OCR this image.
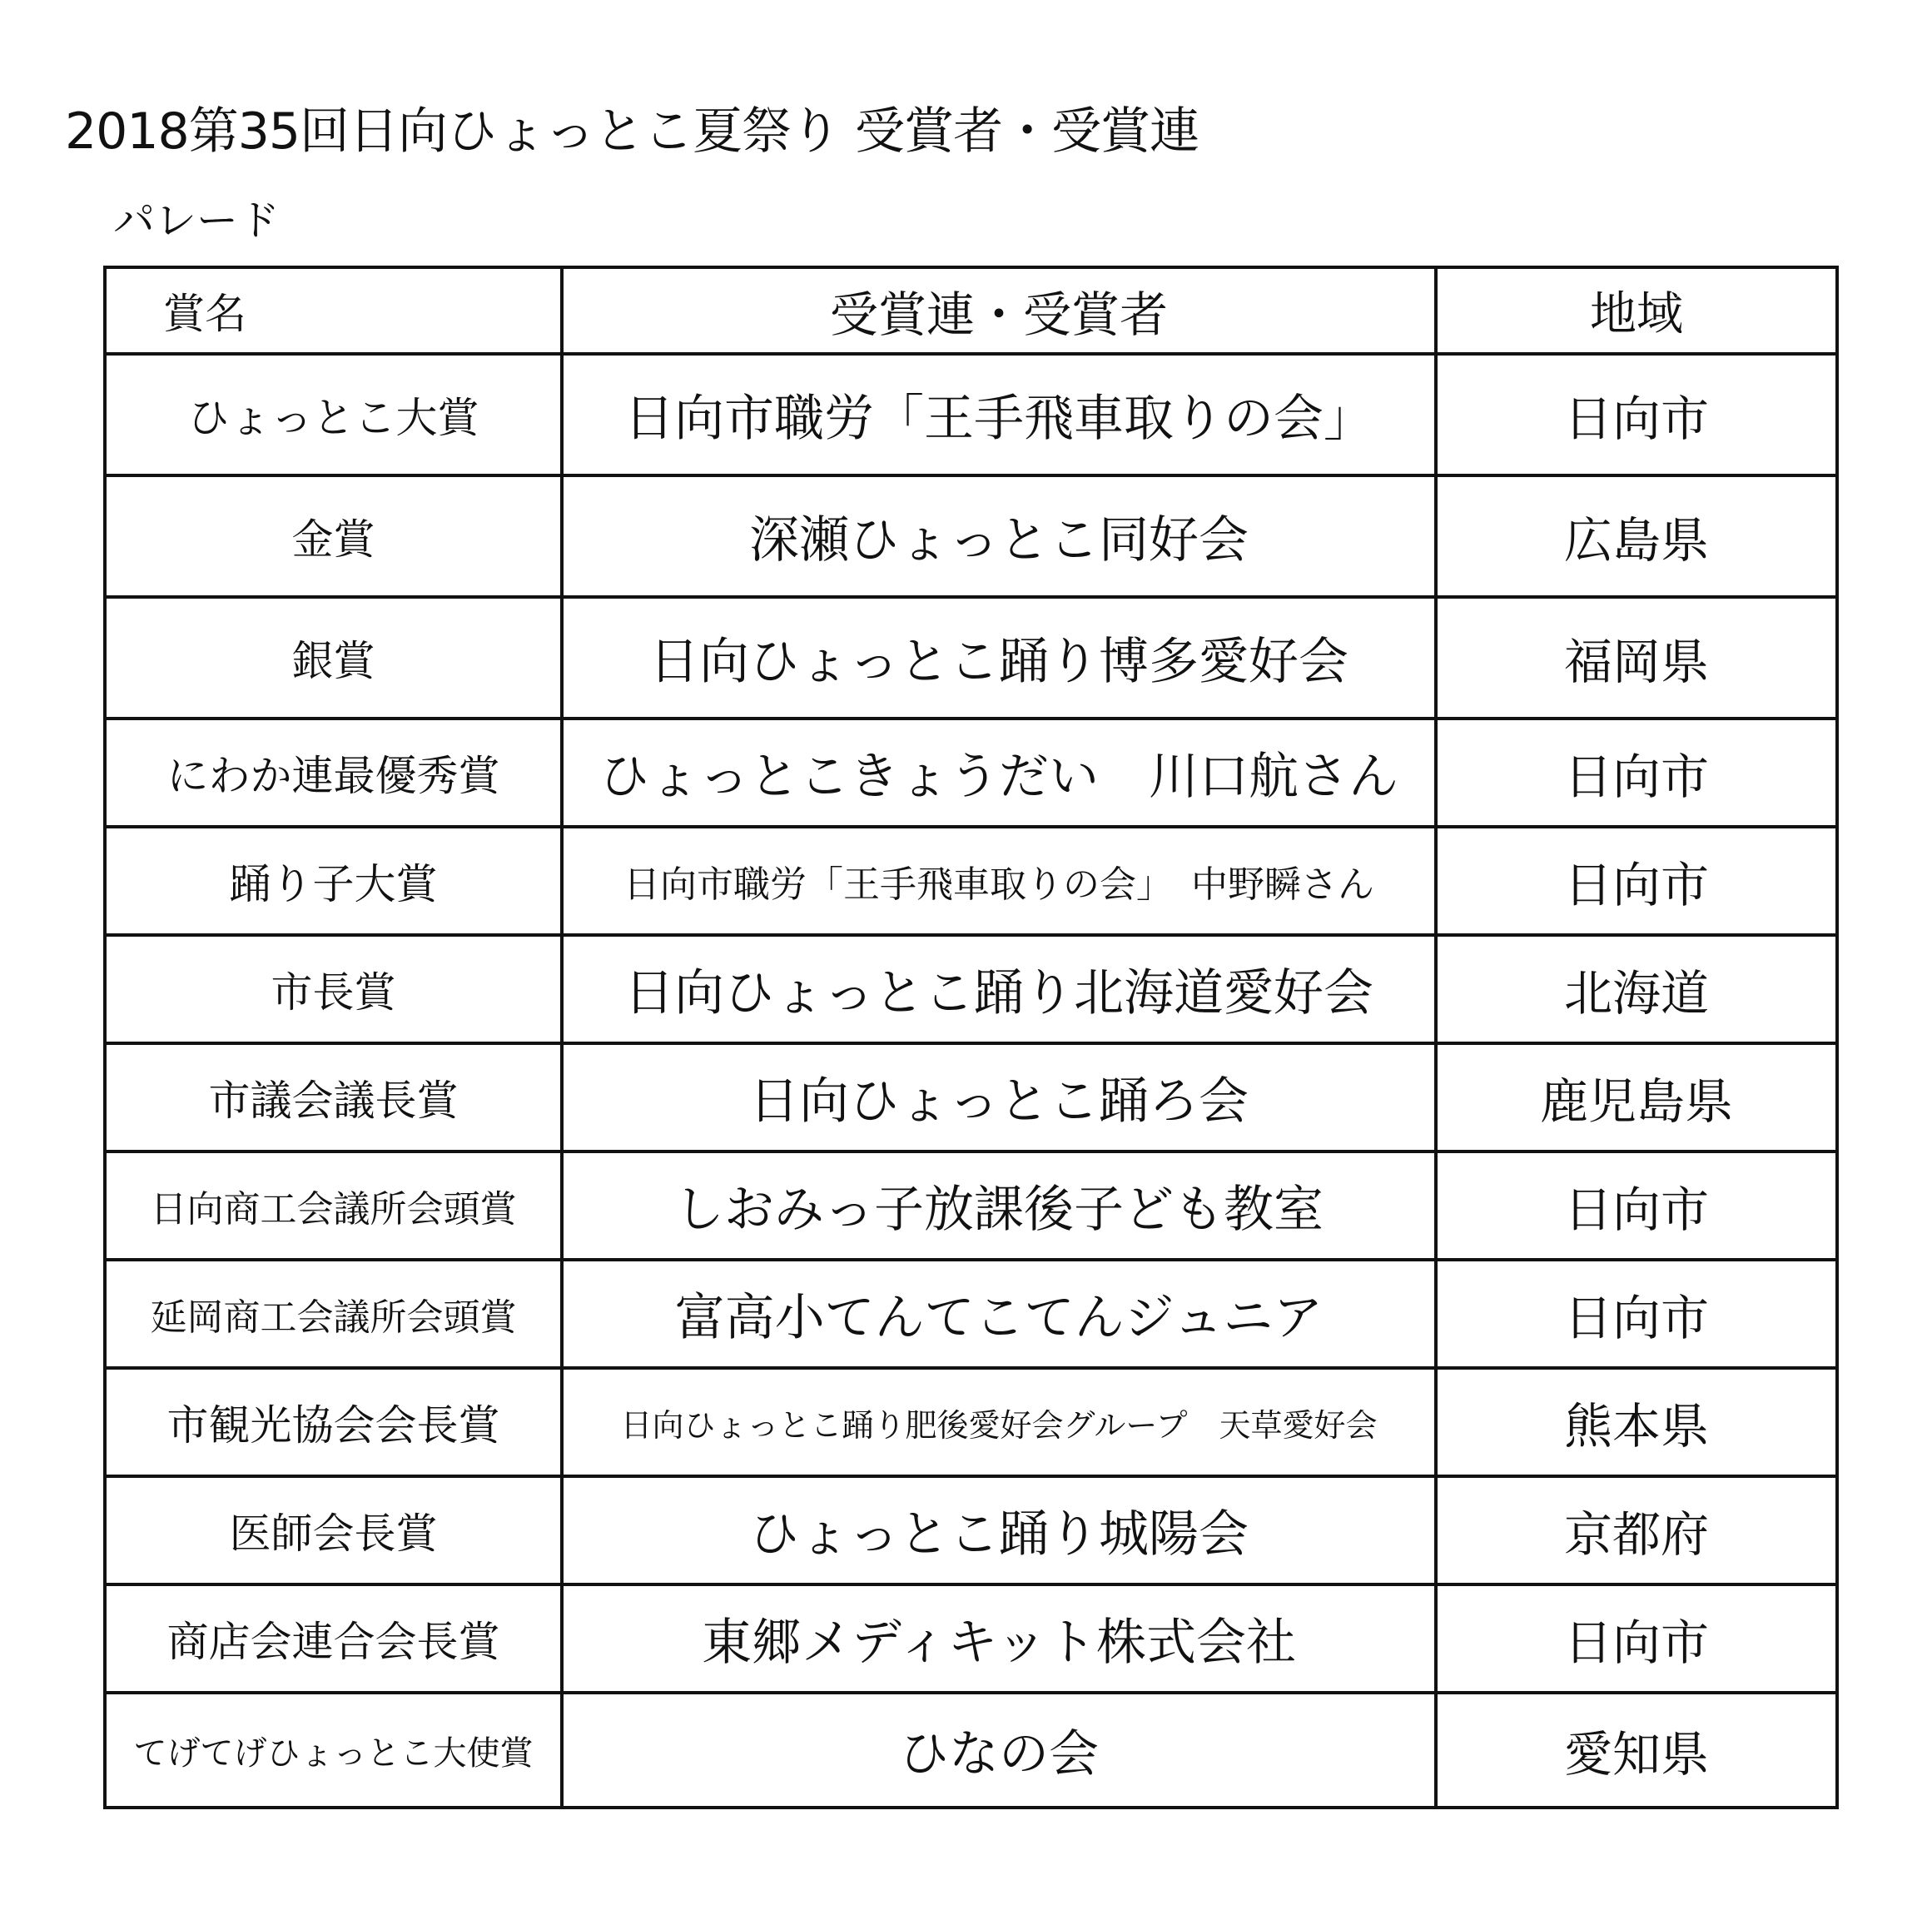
2018第35回日向ひょっとこ夏祭り 受賞者・受賞連
パレード
賞名	受賞連・受賞者	地域
ひょっとこ大賞	日向市職労「王手飛車取りの会」	日向市
金賞	深瀬ひょっとこ同好会	広島県
銀賞	日向ひょっとこ踊り博多愛好会	福岡県
にわか連最優秀賞	ひょっとこきょうだい　川口航さん	日向市
踊り子大賞	日向市職労「王手飛車取りの会」　中野瞬さん	日向市
市長賞	日向ひょっとこ踊り北海道愛好会	北海道
市議会議長賞	日向ひょっとこ踊ろ会	鹿児島県
日向商工会議所会頭賞	しおみっ子放課後子ども教室	日向市
延岡商工会議所会頭賞	富高小てんてこてんジュニア	日向市
市観光協会会長賞	日向ひょっとこ踊り肥後愛好会グループ　天草愛好会	熊本県
医師会長賞	ひょっとこ踊り城陽会	京都府
商店会連合会長賞	東郷メディキット株式会社	日向市
てげてげひょっとこ大使賞	ひなの会	愛知県
